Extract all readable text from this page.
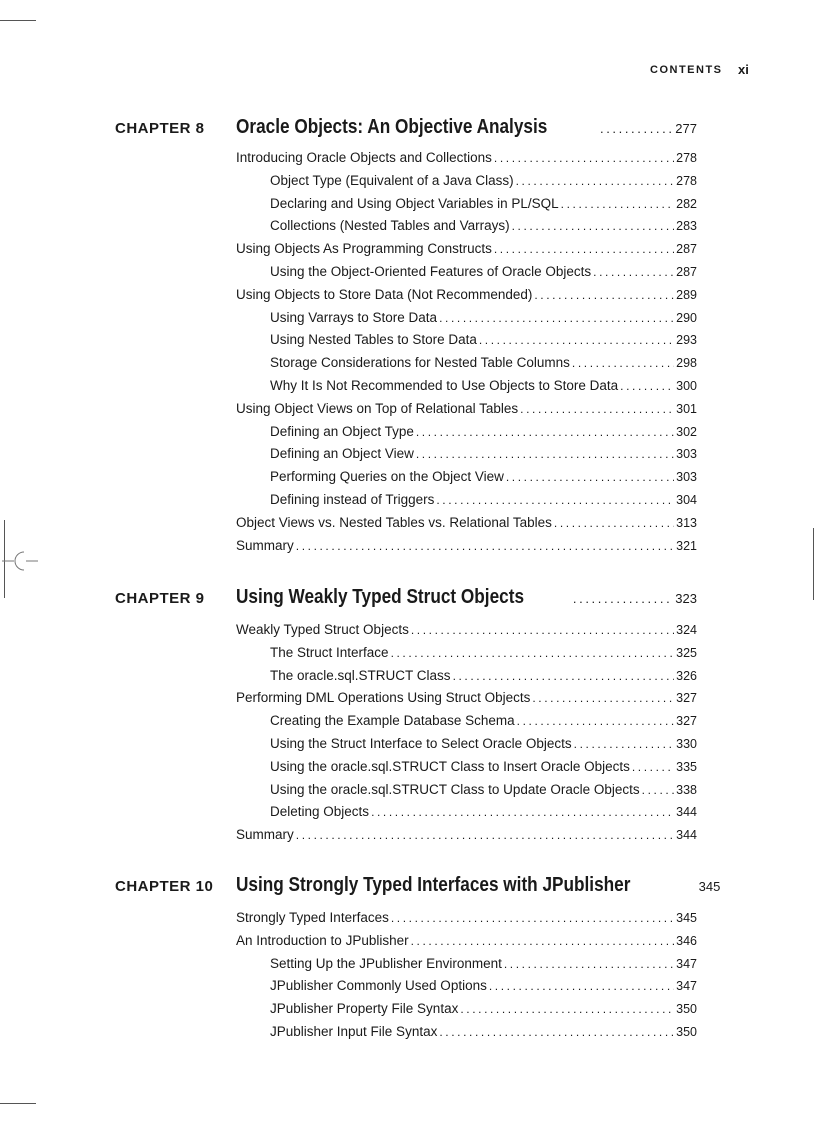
CONTENTS xi
CHAPTER 8 Oracle Objects: An Objective Analysis .....	277
Introducing Oracle Objects and Collections .....	278
Object Type (Equivalent of a Java Class) .....	278
Declaring and Using Object Variables in PL/SQL .....	282
Collections (Nested Tables and Varrays) .....	283
Using Objects As Programming Constructs .....	287
Using the Object-Oriented Features of Oracle Objects .....	287
Using Objects to Store Data (Not Recommended) .....	289
Using Varrays to Store Data .....	290
Using Nested Tables to Store Data .....	293
Storage Considerations for Nested Table Columns .....	298
Why It Is Not Recommended to Use Objects to Store Data .....	300
Using Object Views on Top of Relational Tables .....	301
Defining an Object Type .....	302
Defining an Object View .....	303
Performing Queries on the Object View .....	303
Defining instead of Triggers .....	304
Object Views vs. Nested Tables vs. Relational Tables .....	313
Summary .....	321
CHAPTER 9 Using Weakly Typed Struct Objects .....	323
Weakly Typed Struct Objects .....	324
The Struct Interface .....	325
The oracle.sql.STRUCT Class .....	326
Performing DML Operations Using Struct Objects .....	327
Creating the Example Database Schema .....	327
Using the Struct Interface to Select Oracle Objects .....	330
Using the oracle.sql.STRUCT Class to Insert Oracle Objects .....	335
Using the oracle.sql.STRUCT Class to Update Oracle Objects .....	338
Deleting Objects .....	344
Summary .....	344
CHAPTER 10 Using Strongly Typed Interfaces with JPublisher	345
Strongly Typed Interfaces .....	345
An Introduction to JPublisher .....	346
Setting Up the JPublisher Environment .....	347
JPublisher Commonly Used Options .....	347
JPublisher Property File Syntax .....	350
JPublisher Input File Syntax .....	350
